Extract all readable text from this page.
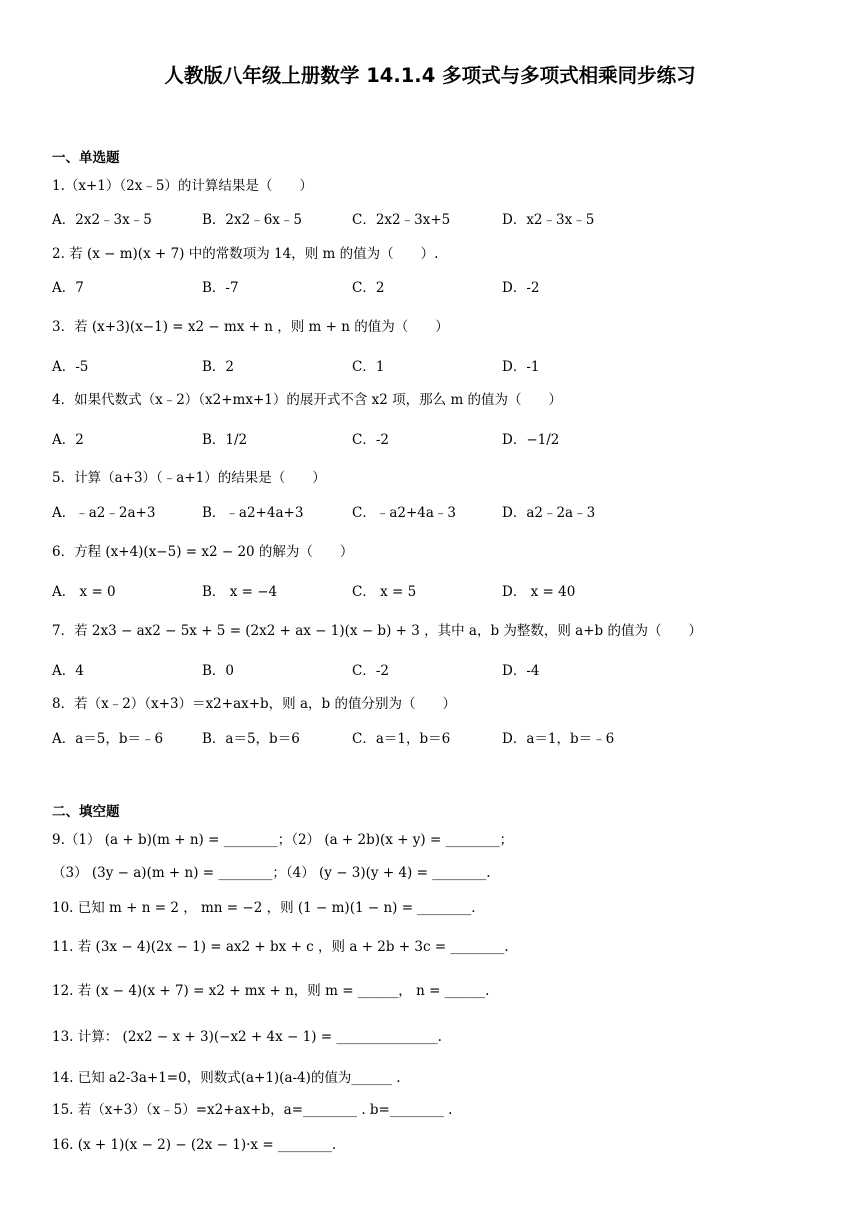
人教版八年级上册数学 14.1.4 多项式与多项式相乘同步练习
一、单选题
1.（x+1）（2x﹣5）的计算结果是（　　）
A．2x2﹣3x﹣5	B．2x2﹣6x﹣5	C．2x2﹣3x+5	D．x2﹣3x﹣5
2. 若 (x − m)(x + 7) 中的常数项为 14，则 m 的值为（　　）.
A．7	B．-7	C．2	D．-2
3．若 (x+3)(x−1) = x2 − mx + n ，则 m + n 的值为（　　）
A．-5	B．2	C．1	D．-1
4．如果代数式（x﹣2）（x2+mx+1）的展开式不含 x2 项，那么 m 的值为（　　）
A．2	B．1/2	C．-2	D．−1/2
5．计算（a+3）（﹣a+1）的结果是（　　）
A．﹣a2﹣2a+3	B．﹣a2+4a+3	C．﹣a2+4a﹣3	D．a2﹣2a﹣3
6．方程 (x+4)(x−5) = x2 − 20 的解为（　　）
A． x = 0	B． x = −4	C． x = 5	D． x = 40
7．若 2x3 − ax2 − 5x + 5 = (2x2 + ax − 1)(x − b) + 3 ，其中 a，b 为整数，则 a+b 的值为（　　）
A．4	B．0	C．-2	D．-4
8．若（x﹣2）（x+3）＝x2+ax+b，则 a，b 的值分别为（　　）
A．a＝5，b＝﹣6	B．a＝5，b＝6	C．a＝1，b＝6	D．a＝1，b＝﹣6
二、填空题
9.（1） (a + b)(m + n) = ________；（2） (a + 2b)(x + y) = ________；
（3） (3y − a)(m + n) = ________；（4） (y − 3)(y + 4) = ________.
10. 已知 m + n = 2 ， mn = −2 ，则 (1 − m)(1 − n) = ________.
11. 若 (3x − 4)(2x − 1) = ax2 + bx + c ，则 a + 2b + 3c = ________.
12. 若 (x − 4)(x + 7) = x2 + mx + n，则 m = ______， n = ______.
13. 计算： (2x2 − x + 3)(−x2 + 4x − 1) = _______________.
14. 已知 a2-3a+1=0，则数式(a+1)(a-4)的值为______ .
15. 若（x+3）（x﹣5）=x2+ax+b，a=________ . b=________ .
16. (x + 1)(x − 2) − (2x − 1)·x = ________.
